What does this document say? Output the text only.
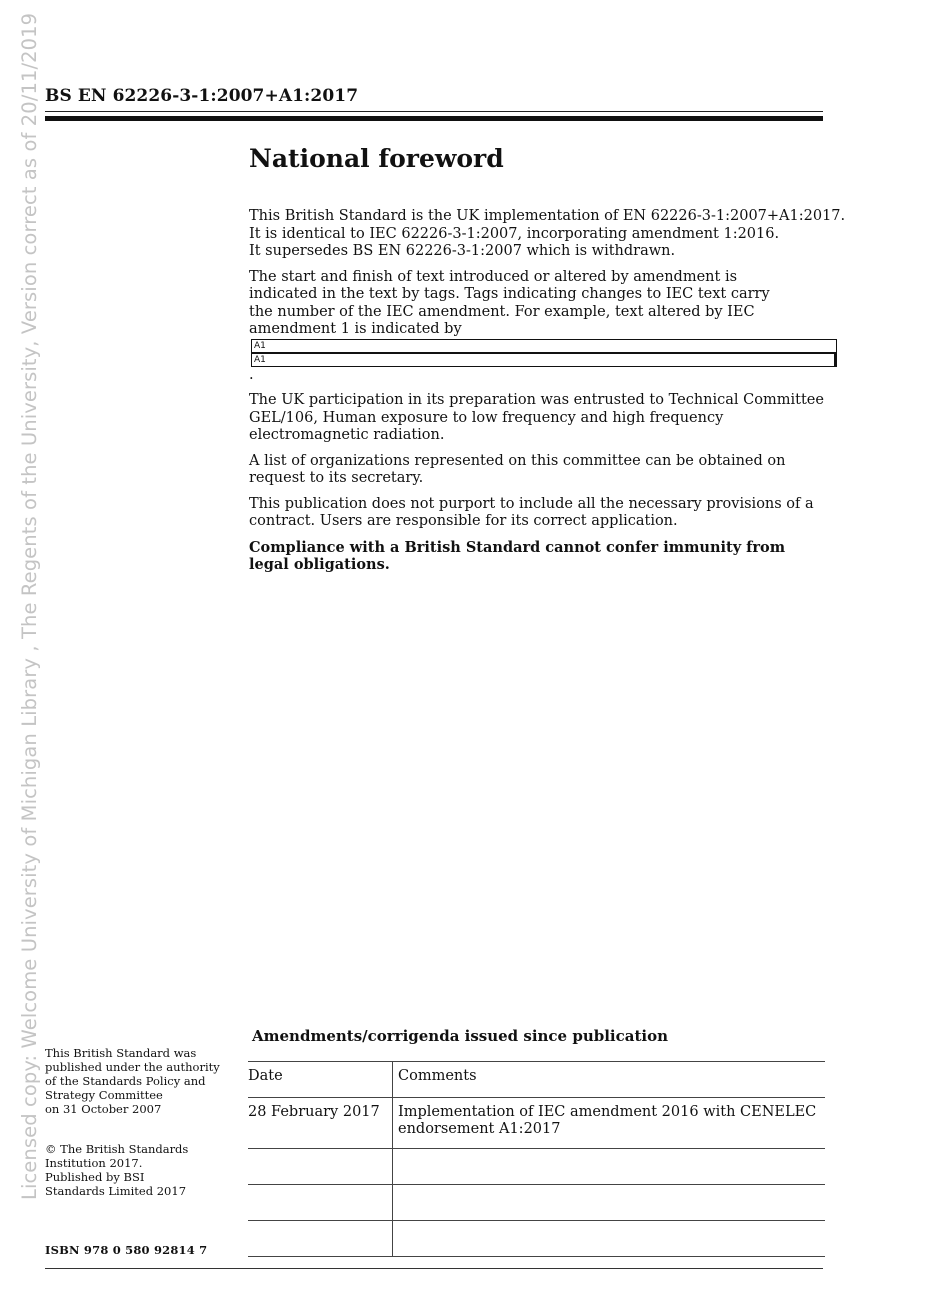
BS EN 62226-3-1:2007+A1:2017
Licensed copy: Welcome University of Michigan Library , The Regents of the University, Version correct as of 20/11/2019	National foreword

This British Standard is the UK implementation of EN 62226-3-1:2007+A1:2017.
It is identical to IEC 62226-3-1:2007, incorporating amendment 1:2016.
It supersedes BS EN 62226-3-1:2007 which is withdrawn.

The start and finish of text introduced or altered by amendment is
indicated in the text by tags. Tags indicating changes to IEC text carry
the number of the IEC amendment. For example, text altered by IEC
amendment 1 is indicated by
A1
A1
.

The UK participation in its preparation was entrusted to Technical Committee
GEL/106, Human exposure to low frequency and high frequency
electromagnetic radiation.

A list of organizations represented on this committee can be obtained on
request to its secretary.

This publication does not purport to include all the necessary provisions of a
contract. Users are responsible for its correct application.

Compliance with a British Standard cannot confer immunity from
legal obligations.

Amendments/corrigenda issued since publication
Date	Comments
28 February 2017	Implementation of IEC amendment 2016 with CENELEC
endorsement A1:2017

This British Standard was
published under the authority
of the Standards Policy and
Strategy Committee
on 31 October 2007

© The British Standards
Institution 2017.
Published by BSI
Standards Limited 2017

ISBN 978 0 580 92814 7
